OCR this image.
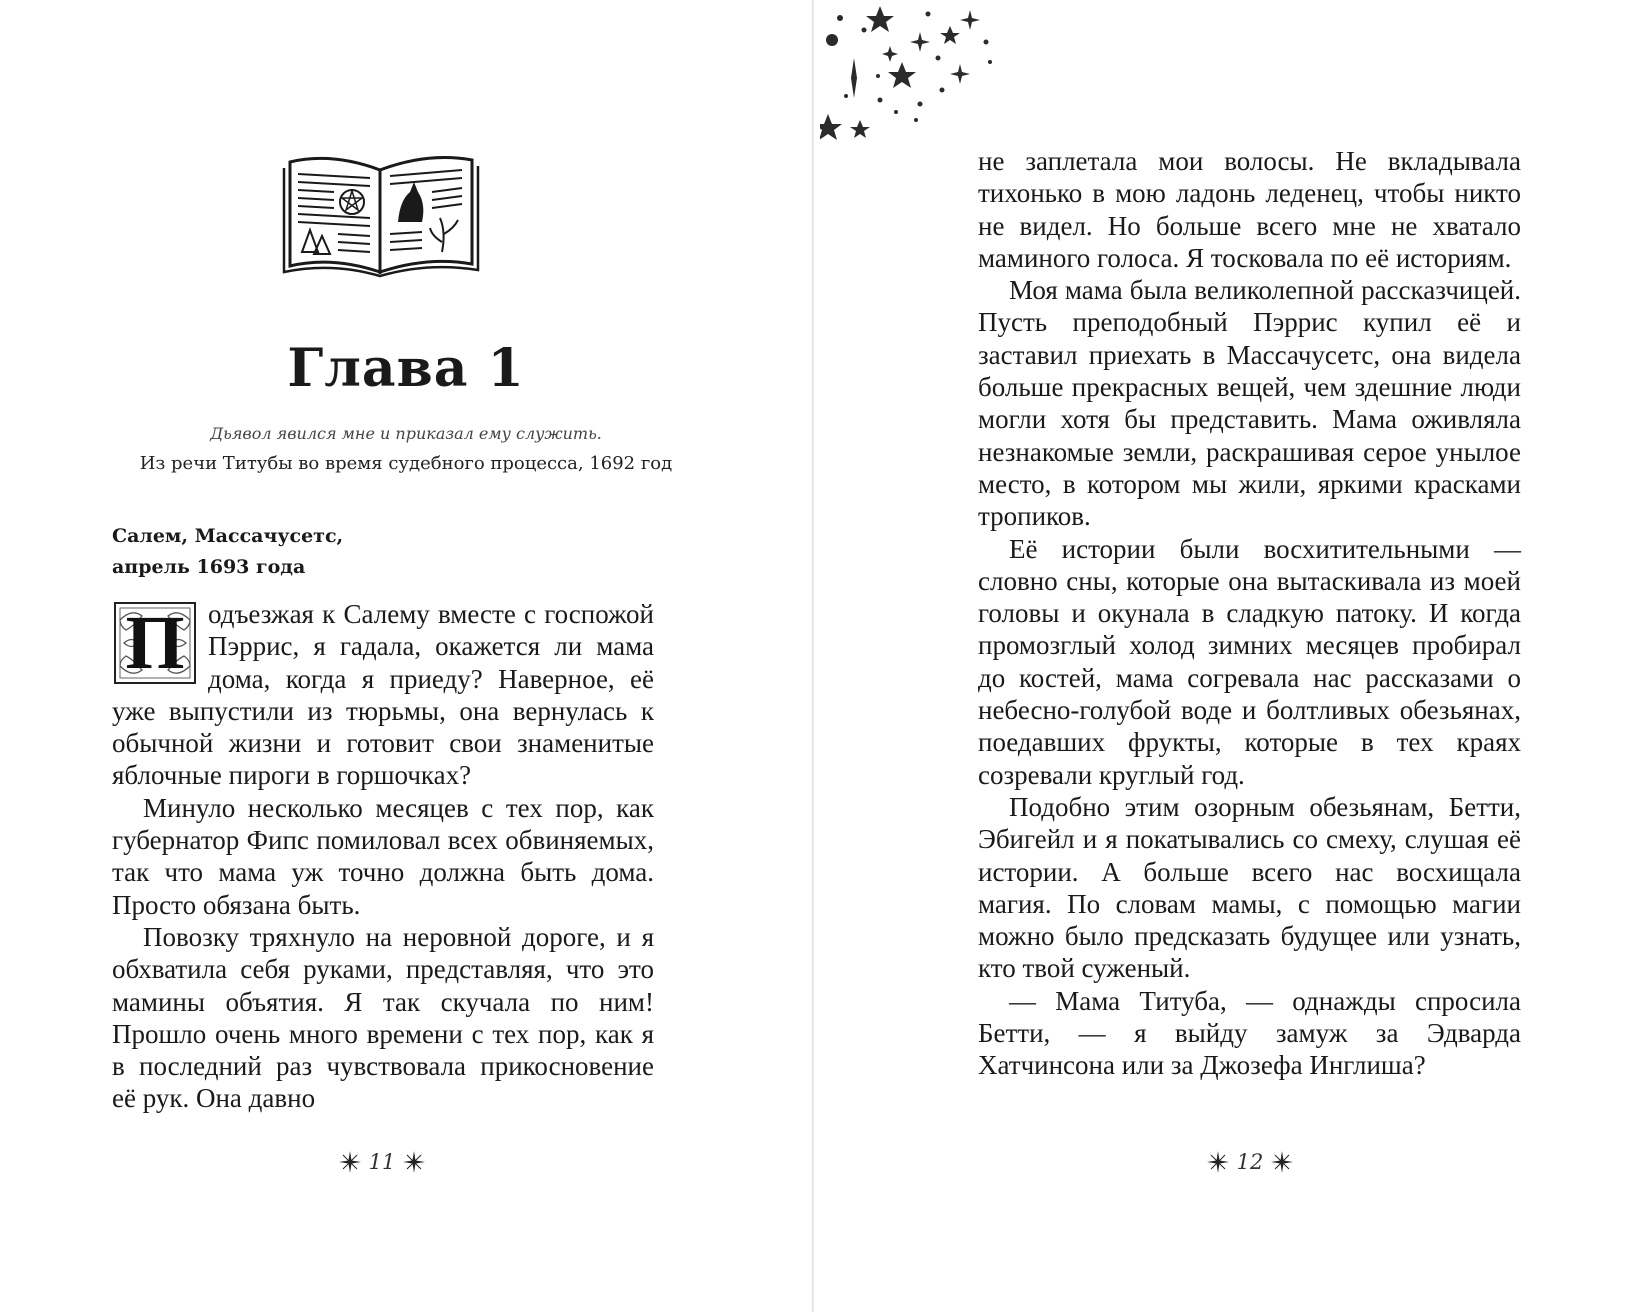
Глава 1
Дьявол явился мне и приказал ему служить.
Из речи Титубы во время судебного процесса, 1692 год
Салем, Массачусетс,
апрель 1693 года

П одъезжая к Салему вместе с госпожой Пэррис, я гадала, окажется ли мама дома, когда я приеду? Наверное, её уже выпустили из тюрьмы, она вернулась к обычной жизни и готовит свои знаменитые яблочные пироги в горшочках?

Минуло несколько месяцев с тех пор, как губернатор Фипс помиловал всех обвиняемых, так что мама уж точно должна быть дома. Просто обязана быть.

Повозку тряхнуло на неровной дороге, и я обхватила себя руками, представляя, что это мамины объятия. Я так скучала по ним! Прошло очень много времени с тех пор, как я в последний раз чувствовала прикосновение её рук. Она давно

11

не заплетала мои волосы. Не вкладывала тихонько в мою ладонь леденец, чтобы никто не видел. Но больше всего мне не хватало маминого голоса. Я тосковала по её историям.

Моя мама была великолепной рассказчицей. Пусть преподобный Пэррис купил её и заставил приехать в Массачусетс, она видела больше прекрасных вещей, чем здешние люди могли хотя бы представить. Мама оживляла незнакомые земли, раскрашивая серое унылое место, в котором мы жили, яркими красками тропиков.

Её истории были восхитительными — словно сны, которые она вытаскивала из моей головы и окунала в сладкую патоку. И когда промозглый холод зимних месяцев пробирал до костей, мама согревала нас рассказами о небесно-голубой воде и болтливых обезьянах, поедавших фрукты, которые в тех краях созревали круглый год.

Подобно этим озорным обезьянам, Бетти, Эбигейл и я покатывались со смеху, слушая её истории. А больше всего нас восхищала магия. По словам мамы, с помощью магии можно было предсказать будущее или узнать, кто твой суженый.

— Мама Титуба, — однажды спросила Бетти, — я выйду замуж за Эдварда Хатчинсона или за Джозефа Инглиша?

12
